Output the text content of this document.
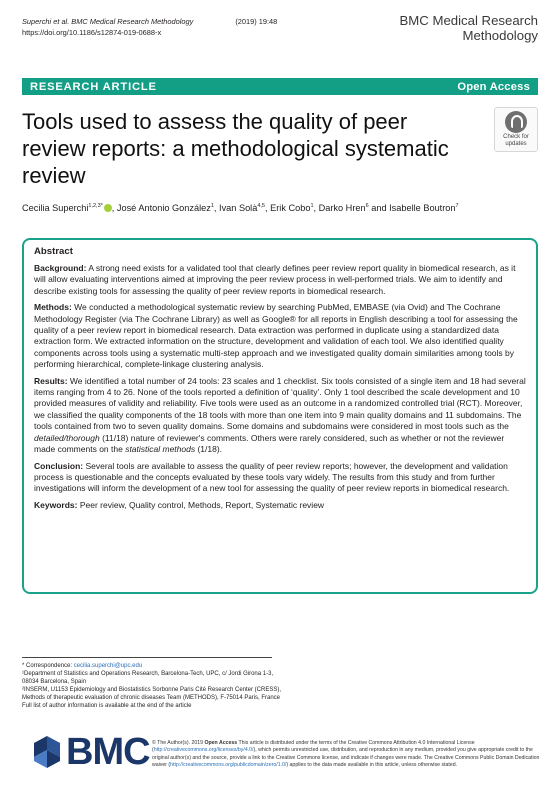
Superchi et al. BMC Medical Research Methodology	(2019) 19:48
https://doi.org/10.1186/s12874-019-0688-x
BMC Medical Research
Methodology
RESEARCH ARTICLE	Open Access
Tools used to assess the quality of peer review reports: a methodological systematic review
Check for
updates
Cecilia Superchi$^{1,2,3*}$ , José Antonio González$^1$, Ivan Solà$^{4,5}$, Erik Cobo$^1$, Darko Hren$^6$ and Isabelle Boutron$^7$
Abstract

Background: A strong need exists for a validated tool that clearly defines peer review report quality in biomedical research, as it will allow evaluating interventions aimed at improving the peer review process in well-performed trials. We aim to identify and describe existing tools for assessing the quality of peer review reports in biomedical research.

Methods: We conducted a methodological systematic review by searching PubMed, EMBASE (via Ovid) and The Cochrane Methodology Register (via The Cochrane Library) as well as Google® for all reports in English describing a tool for assessing the quality of a peer review report in biomedical research. Data extraction was performed in duplicate using a standardized data extraction form. We extracted information on the structure, development and validation of each tool. We also identified quality components across tools using a systematic multi-step approach and we investigated quality domain similarities among tools by performing hierarchical, complete-linkage clustering analysis.

Results: We identified a total number of 24 tools: 23 scales and 1 checklist. Six tools consisted of a single item and 18 had several items ranging from 4 to 26. None of the tools reported a definition of ‘quality’. Only 1 tool described the scale development and 10 provided measures of validity and reliability. Five tools were used as an outcome in a randomized controlled trial (RCT). Moreover, we classified the quality components of the 18 tools with more than one item into 9 main quality domains and 11 subdomains. The tools contained from two to seven quality domains. Some domains and subdomains were considered in most tools such as the detailed/thorough (11/18) nature of reviewer's comments. Others were rarely considered, such as whether or not the reviewer made comments on the statistical methods (1/18).

Conclusion: Several tools are available to assess the quality of peer review reports; however, the development and validation process is questionable and the concepts evaluated by these tools vary widely. The results from this study and from further investigations will inform the development of a new tool for assessing the quality of peer review reports in biomedical research.

Keywords: Peer review, Quality control, Methods, Report, Systematic review

* Correspondence: cecilia.superchi@upc.edu
¹Department of Statistics and Operations Research, Barcelona-Tech, UPC, c/ Jordi Girona 1-3, 08034 Barcelona, Spain
²INSERM, U1153 Epidemiology and Biostatistics Sorbonne Paris Cité Research Center (CRESS), Methods of therapeutic evaluation of chronic diseases Team (METHODS), F-75014 Paris, France
Full list of author information is available at the end of the article
BMC © The Author(s). 2019 Open Access This article is distributed under the terms of the Creative Commons Attribution 4.0 International License (http://creativecommons.org/licenses/by/4.0/), which permits unrestricted use, distribution, and reproduction in any medium, provided you give appropriate credit to the original author(s) and the source, provide a link to the Creative Commons license, and indicate if changes were made. The Creative Commons Public Domain Dedication waiver (http://creativecommons.org/publicdomain/zero/1.0/) applies to the data made available in this article, unless otherwise stated.
